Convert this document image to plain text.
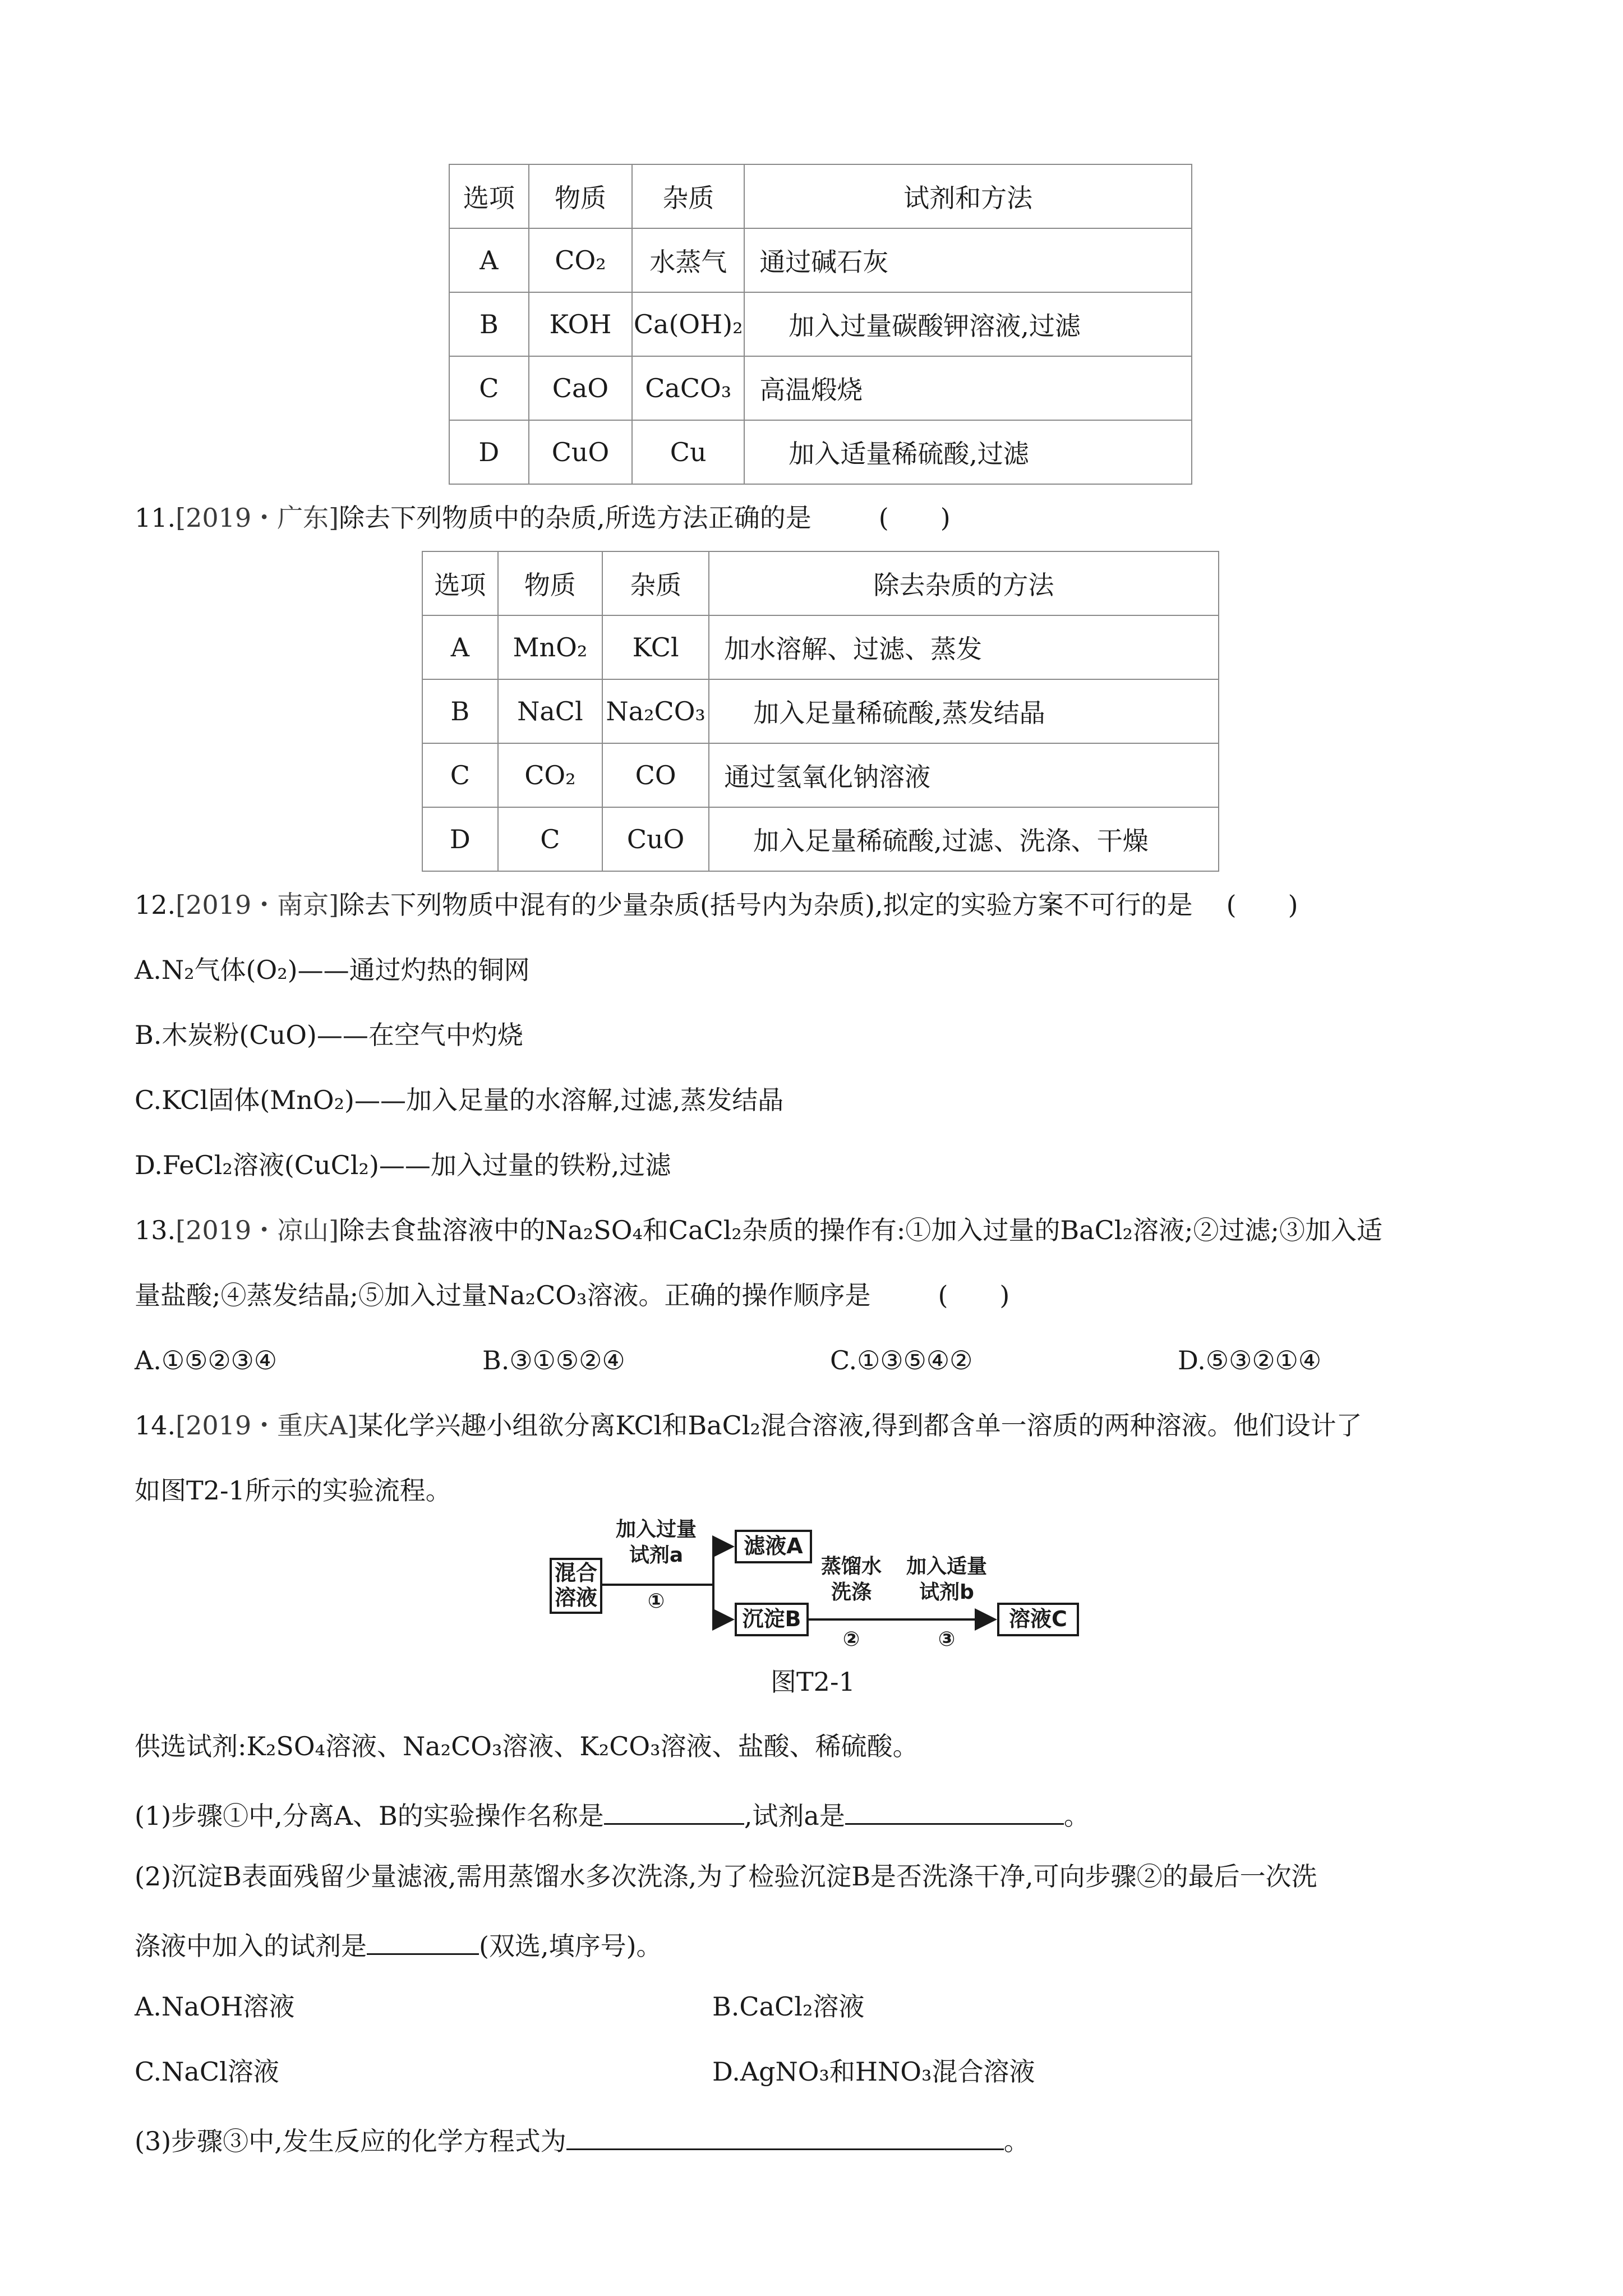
选项	物质	杂质	试剂和方法
A	CO₂	水蒸气	通过碱石灰
B	KOH	Ca(OH)₂	加入过量碳酸钾溶液,过滤
C	CaO	CaCO₃	高温煅烧
D	CuO	Cu	加入适量稀硫酸,过滤
11.[2019・广东]除去下列物质中的杂质,所选方法正确的是	(　　)
选项	物质	杂质	除去杂质的方法
A	MnO₂	KCl	加水溶解、过滤、蒸发
B	NaCl	Na₂CO₃	加入足量稀硫酸,蒸发结晶
C	CO₂	CO	通过氢氧化钠溶液
D	C	CuO	加入足量稀硫酸,过滤、洗涤、干燥
12.[2019・南京]除去下列物质中混有的少量杂质(括号内为杂质),拟定的实验方案不可行的是 (　　)
A.N₂气体(O₂)——通过灼热的铜网
B.木炭粉(CuO)——在空气中灼烧
C.KCl固体(MnO₂)——加入足量的水溶解,过滤,蒸发结晶
D.FeCl₂溶液(CuCl₂)——加入过量的铁粉,过滤
13.[2019・凉山]除去食盐溶液中的Na₂SO₄和CaCl₂杂质的操作有:①加入过量的BaCl₂溶液;②过滤;③加入适
量盐酸;④蒸发结晶;⑤加入过量Na₂CO₃溶液。正确的操作顺序是	(　　)
A.①⑤②③④	B.③①⑤②④	C.①③⑤④②	D.⑤③②①④
14.[2019・重庆A]某化学兴趣小组欲分离KCl和BaCl₂混合溶液,得到都含单一溶质的两种溶液。他们设计了
如图T2-1所示的实验流程。
混合
溶液
加入过量
试剂a
①
滤液A
沉淀B
蒸馏水
洗涤
②
加入适量
试剂b
③
溶液C
图T2-1
供选试剂:K₂SO₄溶液、Na₂CO₃溶液、K₂CO₃溶液、盐酸、稀硫酸。
(1)步骤①中,分离A、B的实验操作名称是	,试剂a是	。
(2)沉淀B表面残留少量滤液,需用蒸馏水多次洗涤,为了检验沉淀B是否洗涤干净,可向步骤②的最后一次洗
涤液中加入的试剂是	(双选,填序号)。
A.NaOH溶液	B.CaCl₂溶液
C.NaCl溶液	D.AgNO₃和HNO₃混合溶液
(3)步骤③中,发生反应的化学方程式为	。
